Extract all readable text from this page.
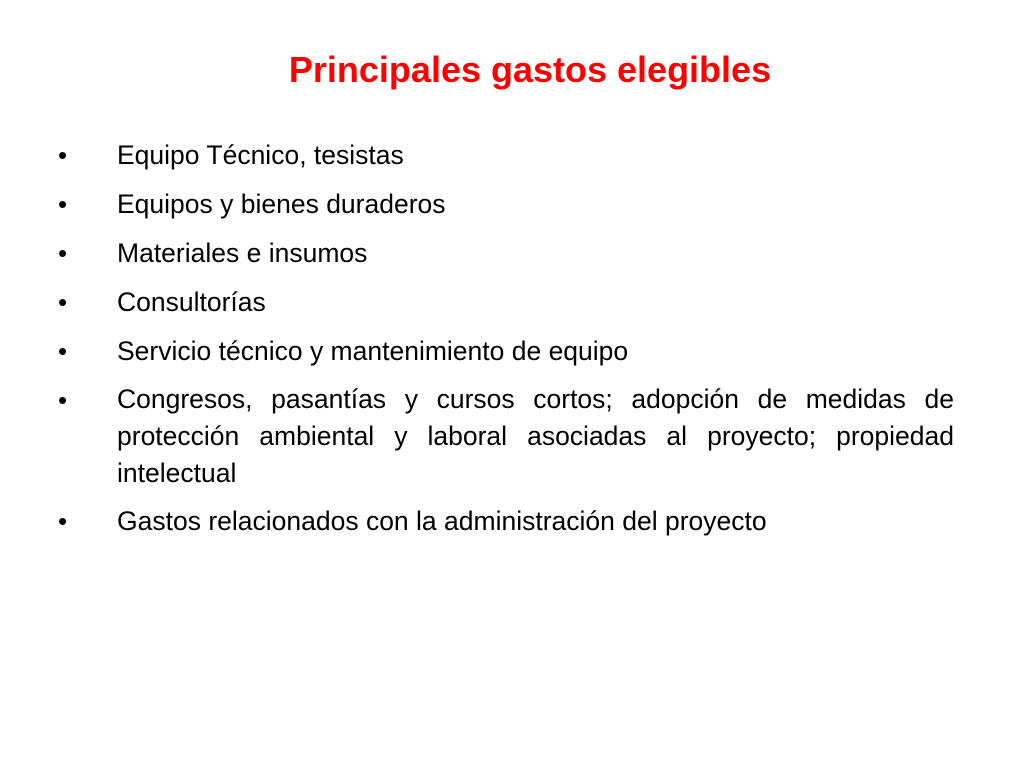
Principales gastos elegibles
•	Equipo Técnico, tesistas
•	Equipos y bienes duraderos
•	Materiales e insumos
•	Consultorías
•	Servicio técnico y mantenimiento de equipo
•	Congresos, pasantías y cursos cortos; adopción de medidas de protección ambiental y laboral asociadas al proyecto; propiedad intelectual
•	Gastos relacionados con la administración del proyecto
